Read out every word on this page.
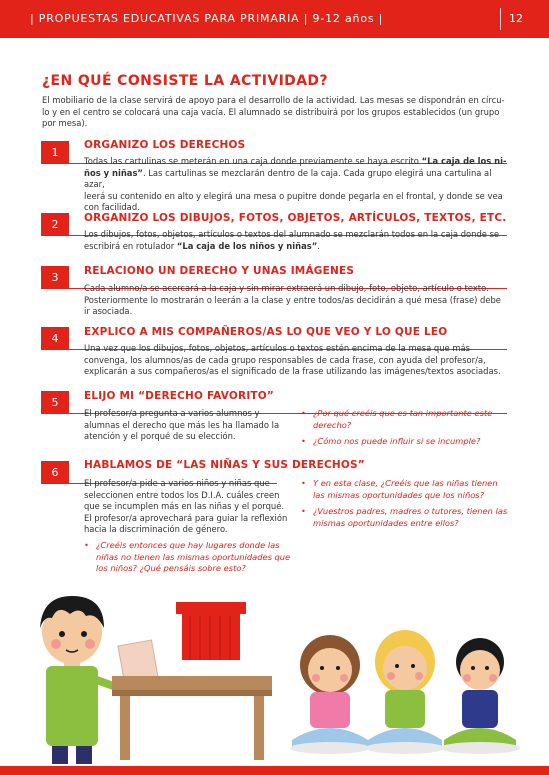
| PROPUESTAS EDUCATIVAS PARA PRIMARIA | 9-12 años |	12
¿EN QUÉ CONSISTE LA ACTIVIDAD?
El mobiliario de la clase servirá de apoyo para el desarrollo de la actividad. Las mesas se dispondrán en círcu-
lo y en el centro se colocará una caja vacía. El alumnado se distribuirá por los grupos establecidos (un grupo
por mesa).
1
ORGANIZO LOS DERECHOS
Todas las cartulinas se meterán en una caja donde previamente se haya escrito “La caja de los ni-
ños y niñas”. Las cartulinas se mezclarán dentro de la caja. Cada grupo elegirá una cartulina al azar,
leerá su contenido en alto y elegirá una mesa o pupitre donde pegarla en el frontal, y donde se vea
con facilidad.
2	ORGANIZO LOS DIBUJOS, FOTOS, OBJETOS, ARTÍCULOS, TEXTOS, ETC.
Los dibujos, fotos, objetos, artículos o textos del alumnado se mezclarán todos en la caja donde se
escribirá en rotulador “La caja de los niños y niñas”.
3	RELACIONO UN DERECHO Y UNAS IMÁGENES
Cada alumno/a se acercará a la caja y sin mirar extraerá un dibujo, foto, objeto, artículo o texto.
Posteriormente lo mostrarán o leerán a la clase y entre todos/as decidirán a qué mesa (frase) debe
ir asociada.
4	EXPLICO A MIS COMPAÑEROS/AS LO QUE VEO Y LO QUE LEO
Una vez que los dibujos, fotos, objetos, artículos o textos estén encima de la mesa que más
convenga, los alumnos/as de cada grupo responsables de cada frase, con ayuda del profesor/a,
explicarán a sus compañeros/as el significado de la frase utilizando las imágenes/textos asociadas.
5	ELIJO MI “DERECHO FAVORITO”
El profesor/a pregunta a varios alumnos y
alumnas el derecho que más les ha llamado la
atención y el porqué de su elección.
• ¿Por qué creéis que es tan importante este
derecho?
• ¿Cómo nos puede influir si se incumple?
6
HABLAMOS DE “LAS NIÑAS Y SUS DERECHOS”
El profesor/a pide a varios niños y niñas que
seleccionen entre todos los D.I.A. cuáles creen
que se incumplen más en las niñas y el porqué.
El profesor/a aprovechará para guiar la reflexión
hacia la discriminación de género.
• ¿Creéis entonces que hay lugares donde las
niñas no tienen las mismas oportunidades que
los niños? ¿Qué pensáis sobre esto?
• Y en esta clase, ¿Creéis que las niñas tienen
las mismas oportunidades que los niños?
• ¿Vuestros padres, madres o tutores, tienen las
mismas oportunidades entre ellos?
